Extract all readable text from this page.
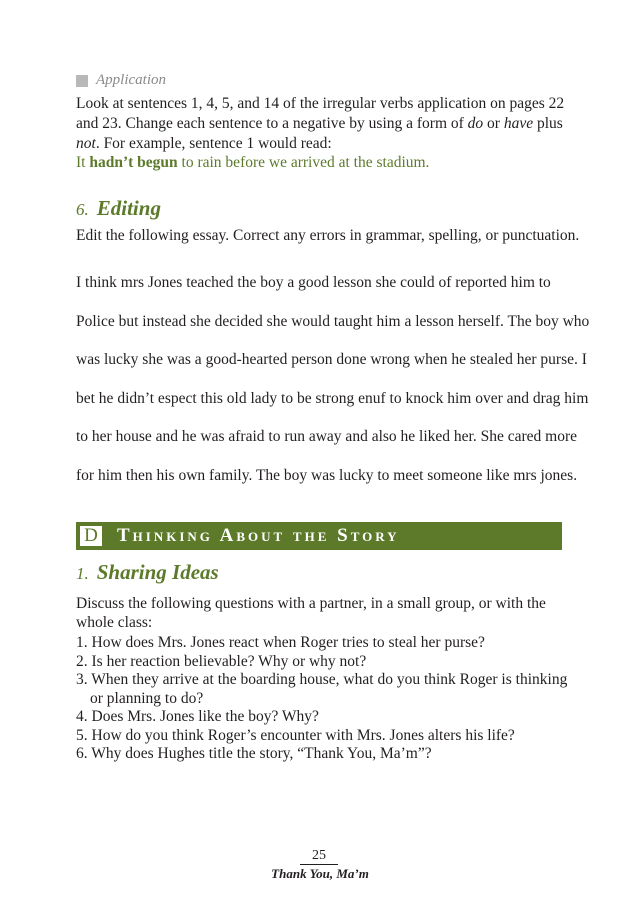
Application
Look at sentences 1, 4, 5, and 14 of the irregular verbs application on pages 22
and 23. Change each sentence to a negative by using a form of do or have plus
not. For example, sentence 1 would read:
It hadn’t begun to rain before we arrived at the stadium.
6. Editing
Edit the following essay. Correct any errors in grammar, spelling, or punctuation.
I think mrs Jones teached the boy a good lesson she could of reported him to
Police but instead she decided she would taught him a lesson herself. The boy who
was lucky she was a good-hearted person done wrong when he stealed her purse. I
bet he didn’t espect this old lady to be strong enuf to knock him over and drag him
to her house and he was afraid to run away and also he liked her. She cared more
for him then his own family. The boy was lucky to meet someone like mrs jones.
D Thinking About the Story
1. Sharing Ideas
Discuss the following questions with a partner, in a small group, or with the
whole class:
1. How does Mrs. Jones react when Roger tries to steal her purse?
2. Is her reaction believable? Why or why not?
3. When they arrive at the boarding house, what do you think Roger is thinking
or planning to do?
4. Does Mrs. Jones like the boy? Why?
5. How do you think Roger’s encounter with Mrs. Jones alters his life?
6. Why does Hughes title the story, “Thank You, Ma’m”?
25
Thank You, Ma’m
